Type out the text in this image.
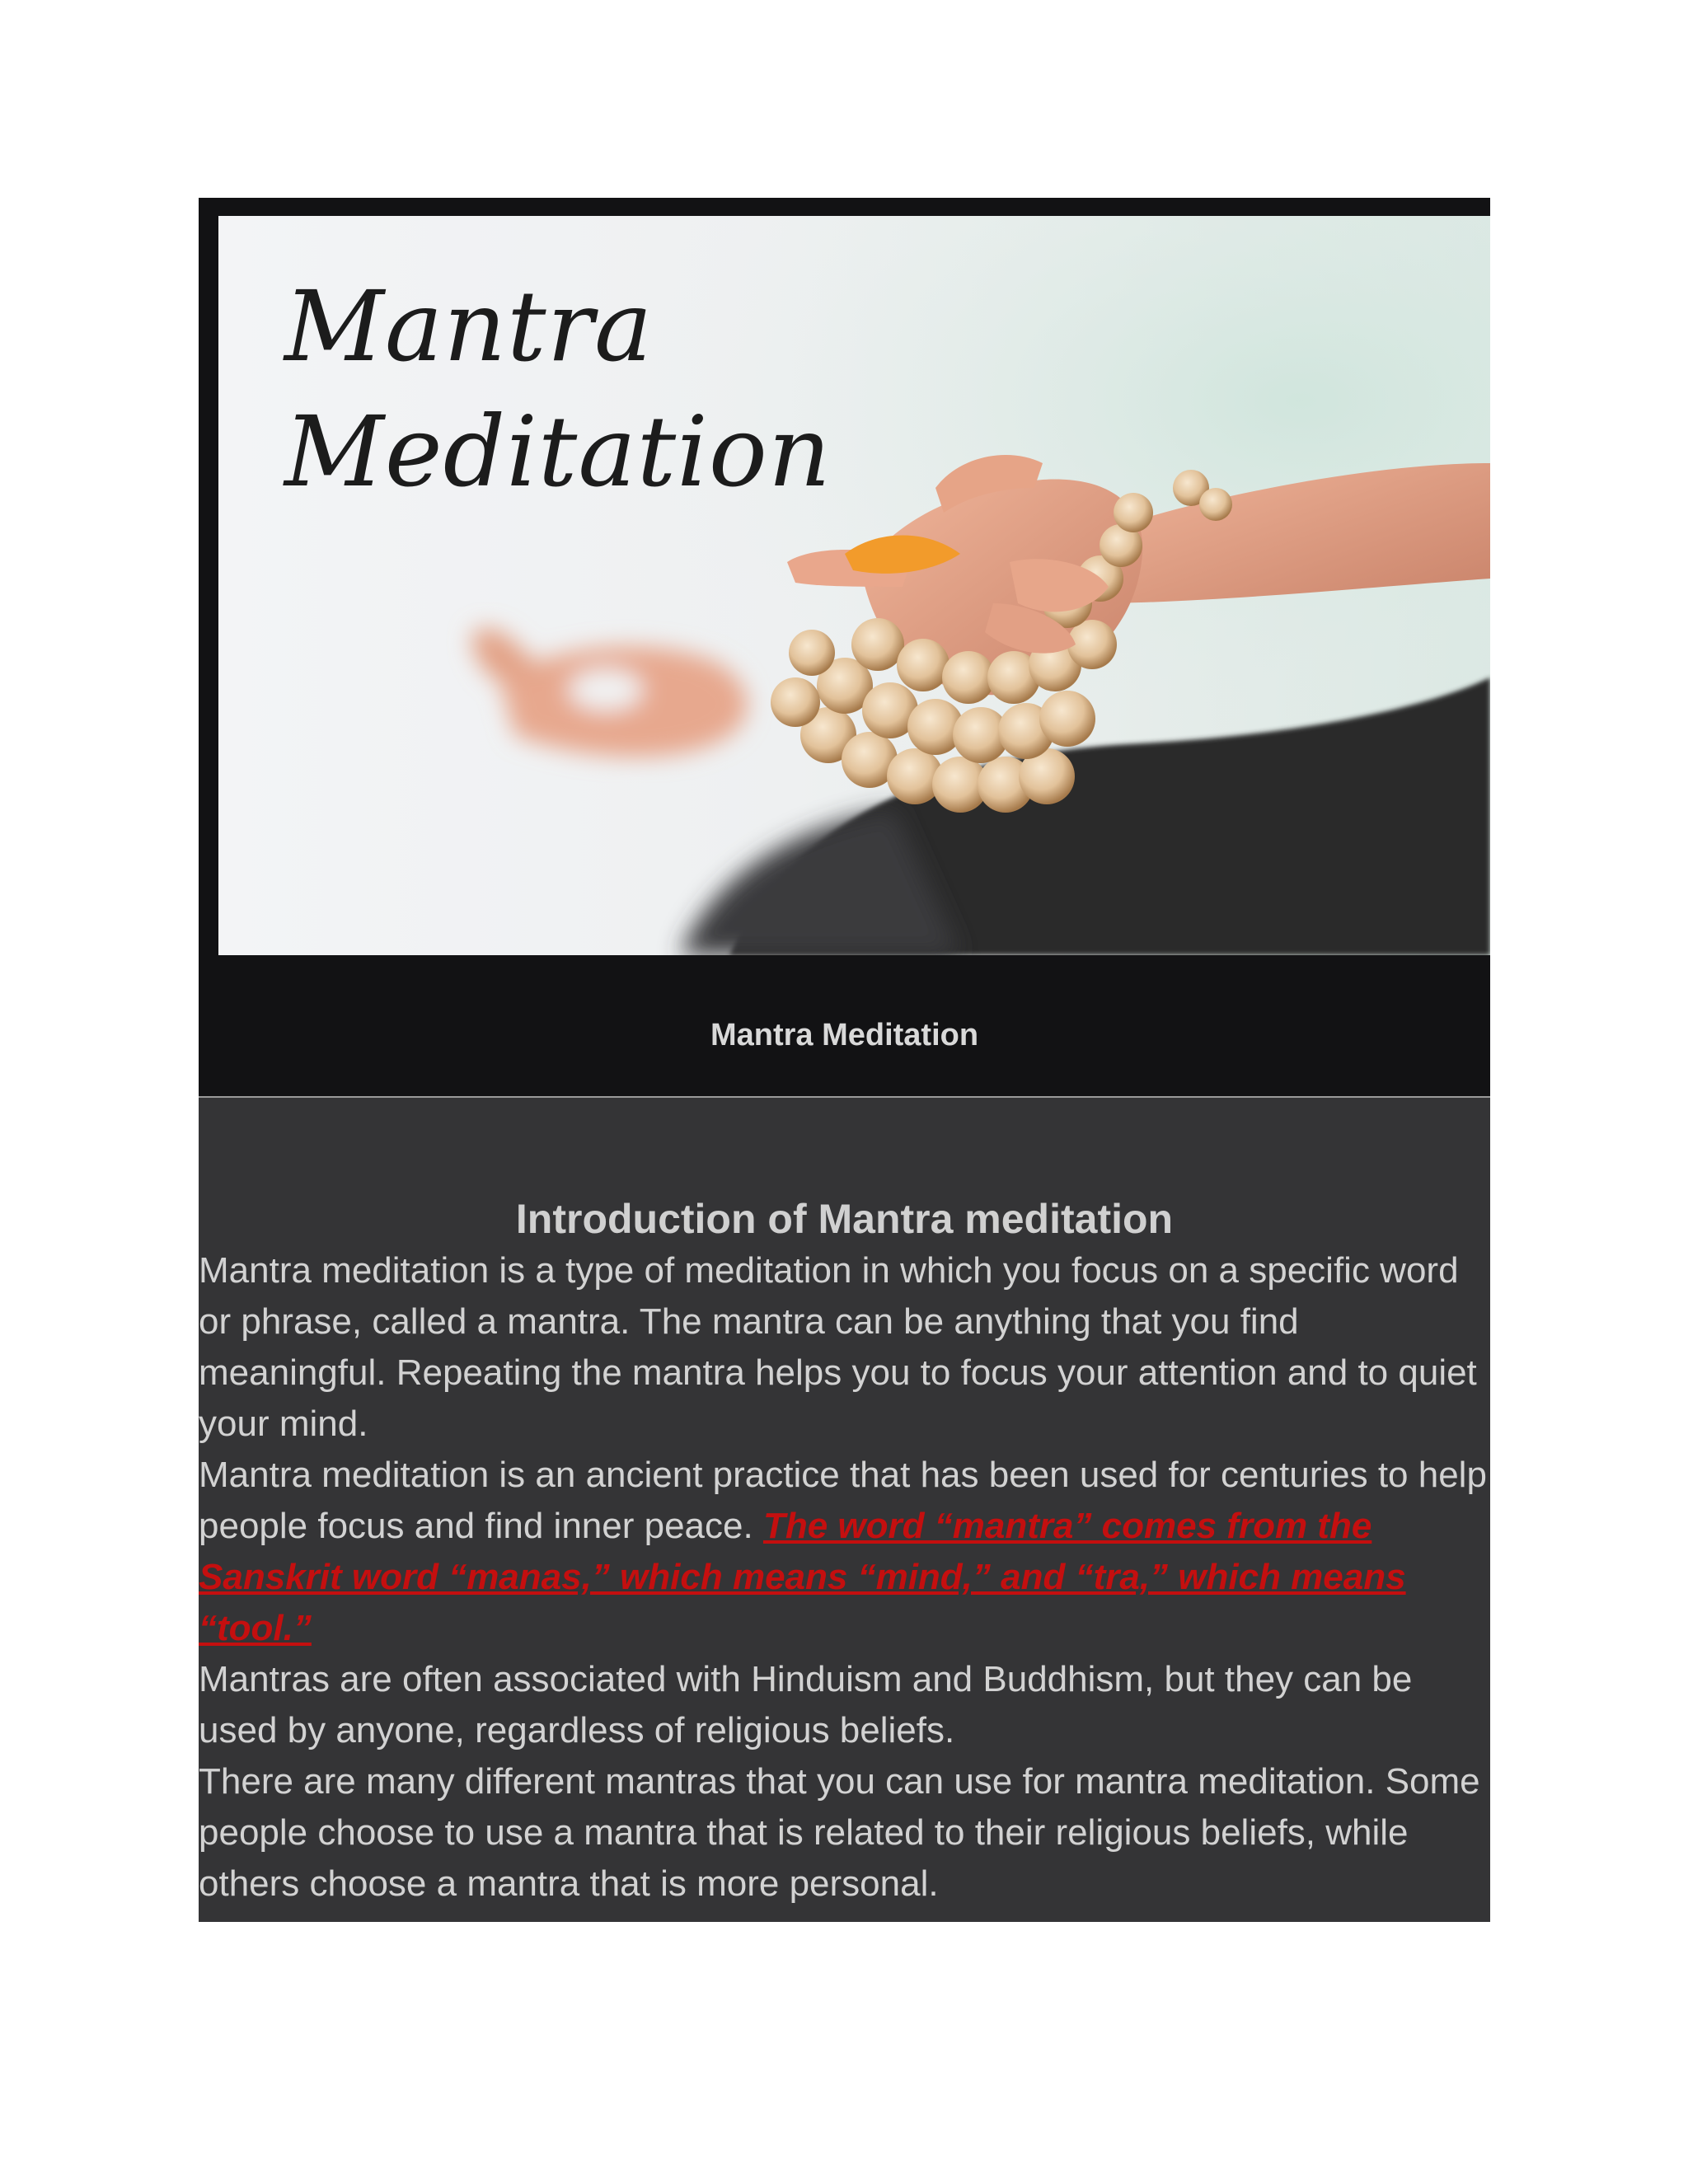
Mantra
Meditation
Mantra Meditation
Introduction of Mantra meditation

Mantra meditation is a type of meditation in which you focus on a specific word or phrase, called a mantra. The mantra can be anything that you find meaningful. Repeating the mantra helps you to focus your attention and to quiet your mind.

Mantra meditation is an ancient practice that has been used for centuries to help people focus and find inner peace. The word “mantra” comes from the Sanskrit word “manas,” which means “mind,” and “tra,” which means “tool.”

Mantras are often associated with Hinduism and Buddhism, but they can be used by anyone, regardless of religious beliefs.

There are many different mantras that you can use for mantra meditation. Some people choose to use a mantra that is related to their religious beliefs, while others choose a mantra that is more personal.
